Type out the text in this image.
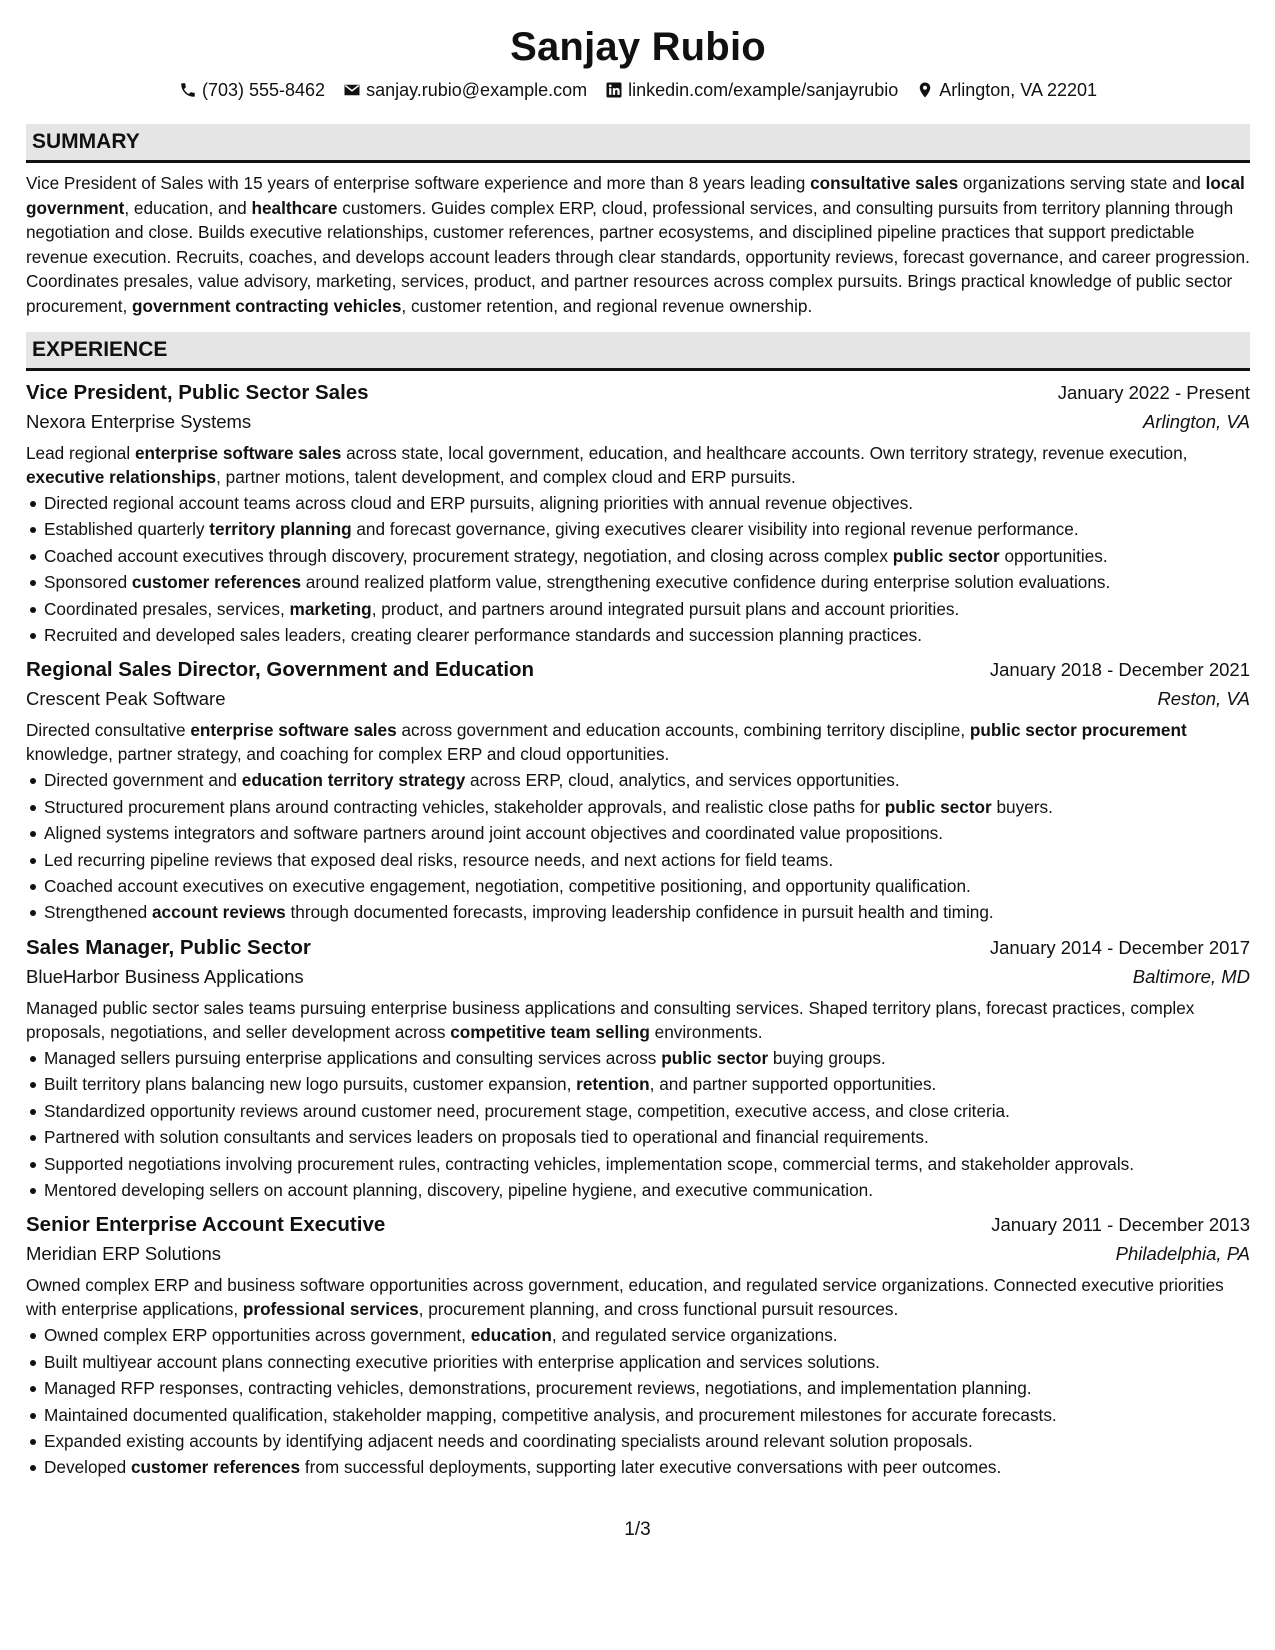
Sanjay Rubio
(703) 555-8462 sanjay.rubio@example.com linkedin.com/example/sanjayrubio Arlington, VA 22201
SUMMARY

Vice President of Sales with 15 years of enterprise software experience and more than 8 years leading consultative sales organizations serving state and local government, education, and healthcare customers. Guides complex ERP, cloud, professional services, and consulting pursuits from territory planning through negotiation and close. Builds executive relationships, customer references, partner ecosystems, and disciplined pipeline practices that support predictable revenue execution. Recruits, coaches, and develops account leaders through clear standards, opportunity reviews, forecast governance, and career progression. Coordinates presales, value advisory, marketing, services, product, and partner resources across complex pursuits. Brings practical knowledge of public sector procurement, government contracting vehicles, customer retention, and regional revenue ownership.

EXPERIENCE
Vice President, Public Sector Sales	January 2022 - Present
Nexora Enterprise Systems	Arlington, VA

Lead regional enterprise software sales across state, local government, education, and healthcare accounts. Own territory strategy, revenue execution, executive relationships, partner motions, talent development, and complex cloud and ERP pursuits.

Directed regional account teams across cloud and ERP pursuits, aligning priorities with annual revenue objectives.
Established quarterly territory planning and forecast governance, giving executives clearer visibility into regional revenue performance.
Coached account executives through discovery, procurement strategy, negotiation, and closing across complex public sector opportunities.
Sponsored customer references around realized platform value, strengthening executive confidence during enterprise solution evaluations.
Coordinated presales, services, marketing, product, and partners around integrated pursuit plans and account priorities.
Recruited and developed sales leaders, creating clearer performance standards and succession planning practices.
Regional Sales Director, Government and Education	January 2018 - December 2021
Crescent Peak Software	Reston, VA

Directed consultative enterprise software sales across government and education accounts, combining territory discipline, public sector procurement knowledge, partner strategy, and coaching for complex ERP and cloud opportunities.

Directed government and education territory strategy across ERP, cloud, analytics, and services opportunities.
Structured procurement plans around contracting vehicles, stakeholder approvals, and realistic close paths for public sector buyers.
Aligned systems integrators and software partners around joint account objectives and coordinated value propositions.
Led recurring pipeline reviews that exposed deal risks, resource needs, and next actions for field teams.
Coached account executives on executive engagement, negotiation, competitive positioning, and opportunity qualification.
Strengthened account reviews through documented forecasts, improving leadership confidence in pursuit health and timing.
Sales Manager, Public Sector	January 2014 - December 2017
BlueHarbor Business Applications	Baltimore, MD

Managed public sector sales teams pursuing enterprise business applications and consulting services. Shaped territory plans, forecast practices, complex proposals, negotiations, and seller development across competitive team selling environments.

Managed sellers pursuing enterprise applications and consulting services across public sector buying groups.
Built territory plans balancing new logo pursuits, customer expansion, retention, and partner supported opportunities.
Standardized opportunity reviews around customer need, procurement stage, competition, executive access, and close criteria.
Partnered with solution consultants and services leaders on proposals tied to operational and financial requirements.
Supported negotiations involving procurement rules, contracting vehicles, implementation scope, commercial terms, and stakeholder approvals.
Mentored developing sellers on account planning, discovery, pipeline hygiene, and executive communication.
Senior Enterprise Account Executive	January 2011 - December 2013
Meridian ERP Solutions	Philadelphia, PA

Owned complex ERP and business software opportunities across government, education, and regulated service organizations. Connected executive priorities with enterprise applications, professional services, procurement planning, and cross functional pursuit resources.

Owned complex ERP opportunities across government, education, and regulated service organizations.
Built multiyear account plans connecting executive priorities with enterprise application and services solutions.
Managed RFP responses, contracting vehicles, demonstrations, procurement reviews, negotiations, and implementation planning.
Maintained documented qualification, stakeholder mapping, competitive analysis, and procurement milestones for accurate forecasts.
Expanded existing accounts by identifying adjacent needs and coordinating specialists around relevant solution proposals.
Developed customer references from successful deployments, supporting later executive conversations with peer outcomes.
1/3
